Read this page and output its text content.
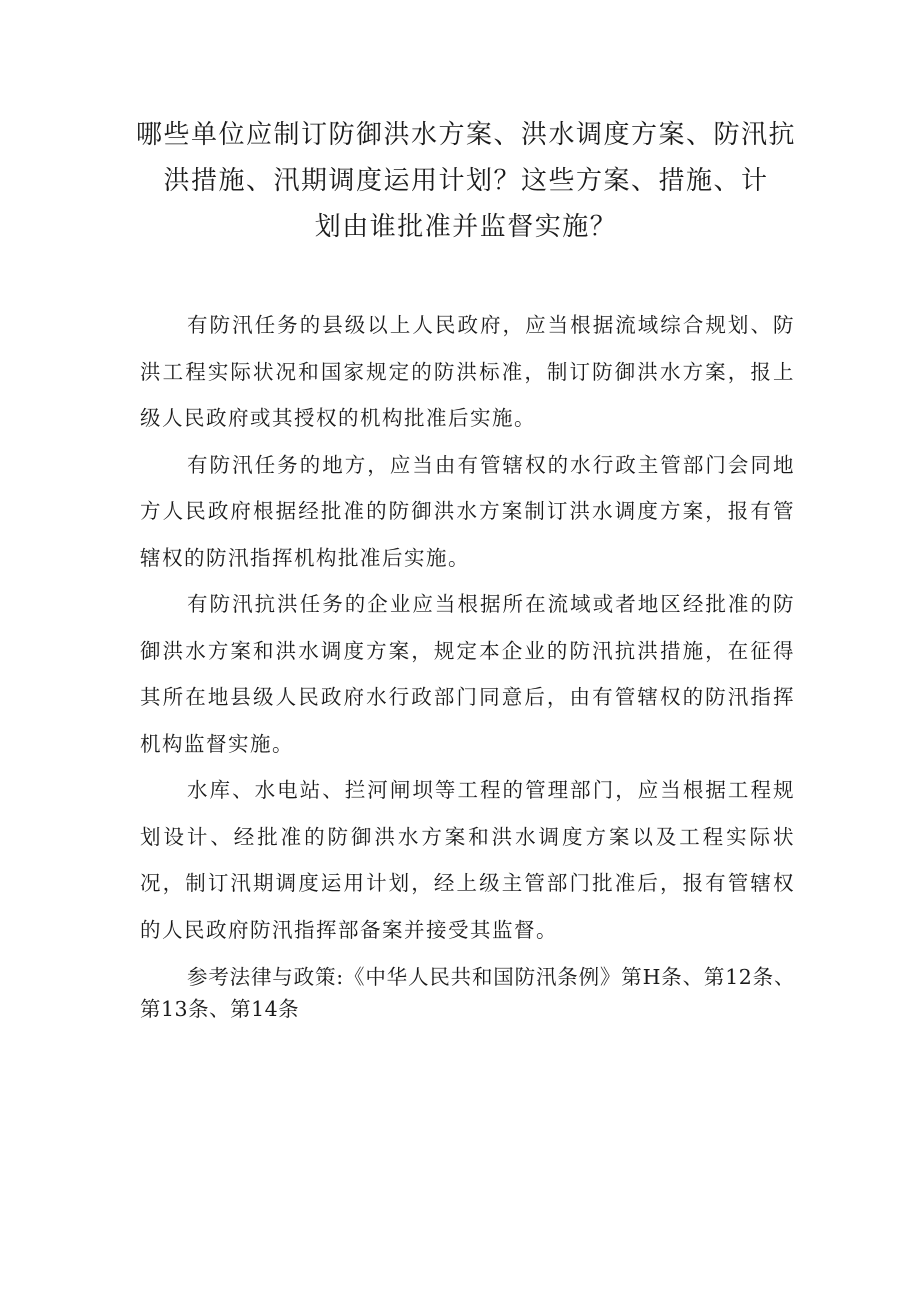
哪些单位应制订防御洪水方案、洪水调度方案、防汛抗
洪措施、汛期调度运用计划？这些方案、措施、计
划由谁批准并监督实施？

有防汛任务的县级以上人民政府，应当根据流域综合规划、防洪工程实际状况和国家规定的防洪标准，制订防御洪水方案，报上级人民政府或其授权的机构批准后实施。

有防汛任务的地方，应当由有管辖权的水行政主管部门会同地方人民政府根据经批准的防御洪水方案制订洪水调度方案，报有管辖权的防汛指挥机构批准后实施。

有防汛抗洪任务的企业应当根据所在流域或者地区经批准的防御洪水方案和洪水调度方案，规定本企业的防汛抗洪措施，在征得其所在地县级人民政府水行政部门同意后，由有管辖权的防汛指挥机构监督实施。

水库、水电站、拦河闸坝等工程的管理部门，应当根据工程规划设计、经批准的防御洪水方案和洪水调度方案以及工程实际状况，制订汛期调度运用计划，经上级主管部门批准后，报有管辖权的人民政府防汛指挥部备案并接受其监督。

参考法律与政策:《中华人民共和国防汛条例》第H条、第12条、第13条、第14条
